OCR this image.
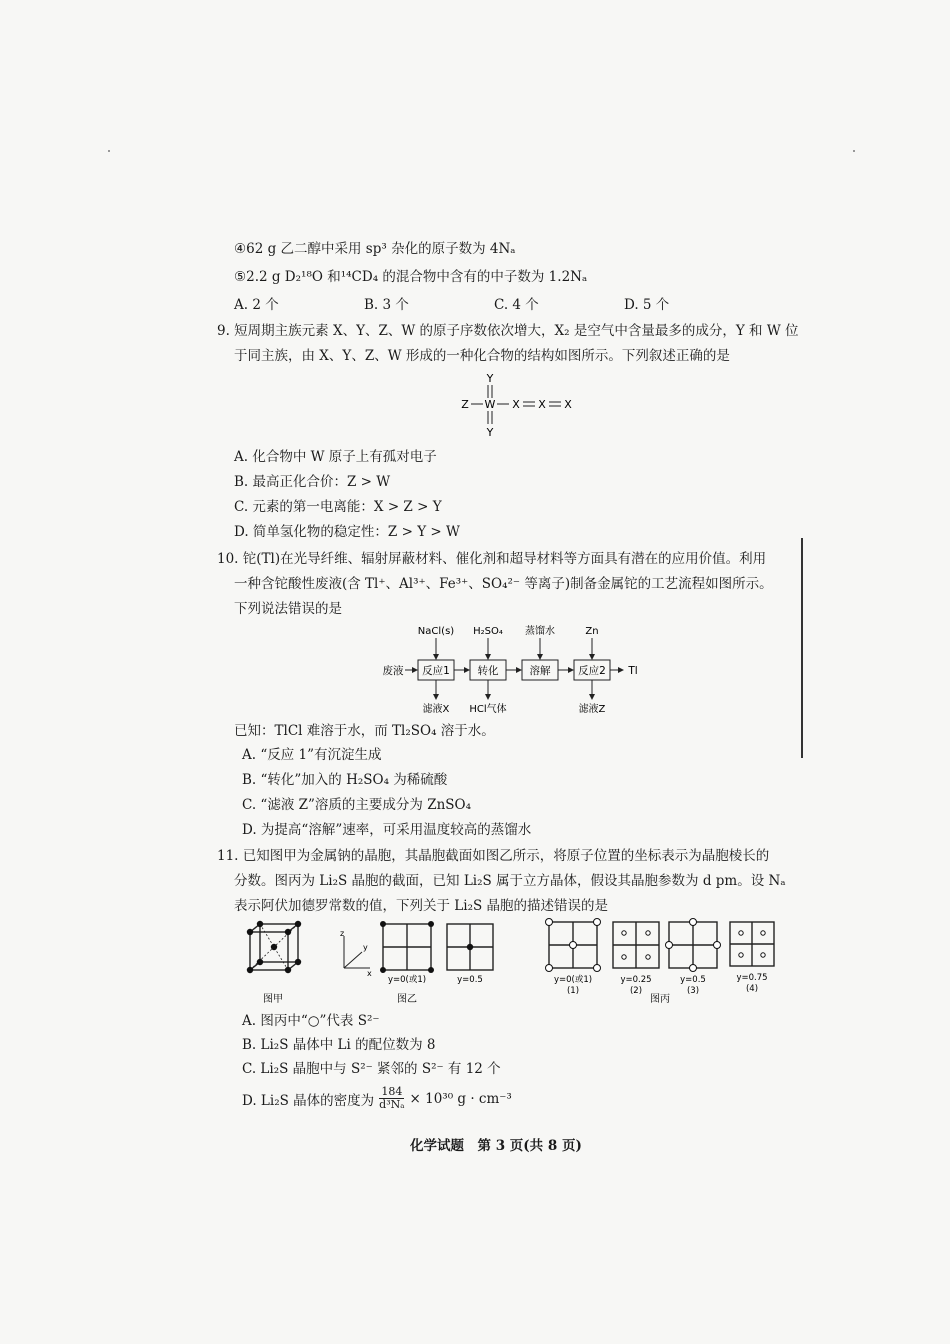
④62 g 乙二醇中采用 sp³ 杂化的原子数为 4Nₐ
⑤2.2 g D₂¹⁸O 和¹⁴CD₄ 的混合物中含有的中子数为 1.2Nₐ
A. 2 个	B. 3 个	C. 4 个	D. 5 个
9. 短周期主族元素 X、Y、Z、W 的原子序数依次增大，X₂ 是空气中含量最多的成分，Y 和 W 位
于同主族，由 X、Y、Z、W 形成的一种化合物的结构如图所示。下列叙述正确的是
Y
Z W X X X
Y
A. 化合物中 W 原子上有孤对电子
B. 最高正化合价：Z > W
C. 元素的第一电离能：X > Z > Y
D. 简单氢化物的稳定性：Z > Y > W
10. 铊(Tl)在光导纤维、辐射屏蔽材料、催化剂和超导材料等方面具有潜在的应用价值。利用
一种含铊酸性废液(含 Tl⁺、Al³⁺、Fe³⁺、SO₄²⁻ 等离子)制备金属铊的工艺流程如图所示。
下列说法错误的是
废液 反应1	转化	溶解	反应2 Tl
NaCl(s) H₂SO₄ 蒸馏水	Zn
滤液X HCl气体	滤液Z
已知：TlCl 难溶于水，而 Tl₂SO₄ 溶于水。
A. “反应 1”有沉淀生成
B. “转化”加入的 H₂SO₄ 为稀硫酸
C. “滤液 Z”溶质的主要成分为 ZnSO₄
D. 为提高“溶解”速率，可采用温度较高的蒸馏水
11. 已知图甲为金属钠的晶胞，其晶胞截面如图乙所示，将原子位置的坐标表示为晶胞棱长的
分数。图丙为 Li₂S 晶胞的截面，已知 Li₂S 属于立方晶体，假设其晶胞参数为 d pm。设 Nₐ
表示阿伏加德罗常数的值，下列关于 Li₂S 晶胞的描述错误的是
图甲
z
y
x
y=0(或1)
图乙
y=0.5	y=0(或1)
(1)
y=0.25
(2)
y=0.5
(3)
图丙
y=0.75
(4)
A. 图丙中“○”代表 S²⁻
B. Li₂S 晶体中 Li 的配位数为 8
C. Li₂S 晶胞中与 S²⁻ 紧邻的 S²⁻ 有 12 个
D. Li₂S 晶体的密度为 $\frac{184}{\text{d³Nₐ}} \times 10^{30}$ g · cm⁻³
化学试题　第 3 页(共 8 页)
